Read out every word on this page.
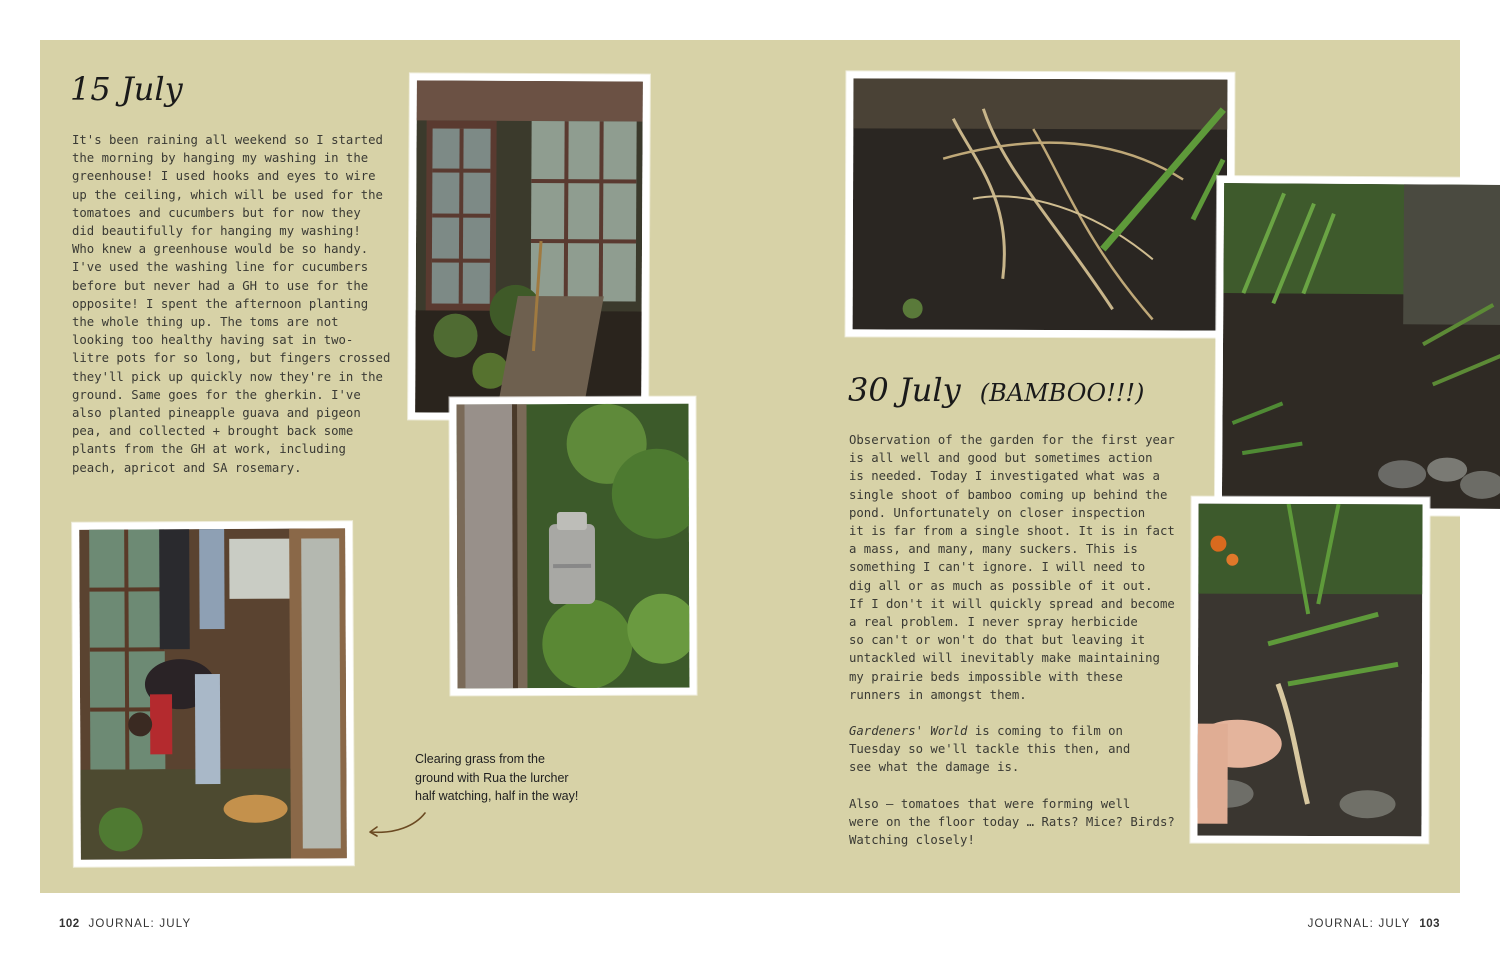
15 July

It's been raining all weekend so I started
the morning by hanging my washing in the
greenhouse! I used hooks and eyes to wire
up the ceiling, which will be used for the
tomatoes and cucumbers but for now they
did beautifully for hanging my washing!
Who knew a greenhouse would be so handy.
I've used the washing line for cucumbers
before but never had a GH to use for the
opposite! I spent the afternoon planting
the whole thing up. The toms are not
looking too healthy having sat in two-
litre pots for so long, but fingers crossed
they'll pick up quickly now they're in the
ground. Same goes for the gherkin. I've
also planted pineapple guava and pigeon
pea, and collected + brought back some
plants from the GH at work, including
peach, apricot and SA rosemary.

Clearing grass from the
ground with Rua the lurcher
half watching, half in the way!

30 July (BAMBOO!!!)

Observation of the garden for the first year
is all well and good but sometimes action
is needed. Today I investigated what was a
single shoot of bamboo coming up behind the
pond. Unfortunately on closer inspection
it is far from a single shoot. It is in fact
a mass, and many, many suckers. This is
something I can't ignore. I will need to
dig all or as much as possible of it out.
If I don't it will quickly spread and become
a real problem. I never spray herbicide
so can't or won't do that but leaving it
untackled will inevitably make maintaining
my prairie beds impossible with these
runners in amongst them.

Gardeners' World is coming to film on
Tuesday so we'll tackle this then, and
see what the damage is.

Also – tomatoes that were forming well
were on the floor today … Rats? Mice? Birds?
Watching closely!

102 JOURNAL: JULY	JOURNAL: JULY 103
